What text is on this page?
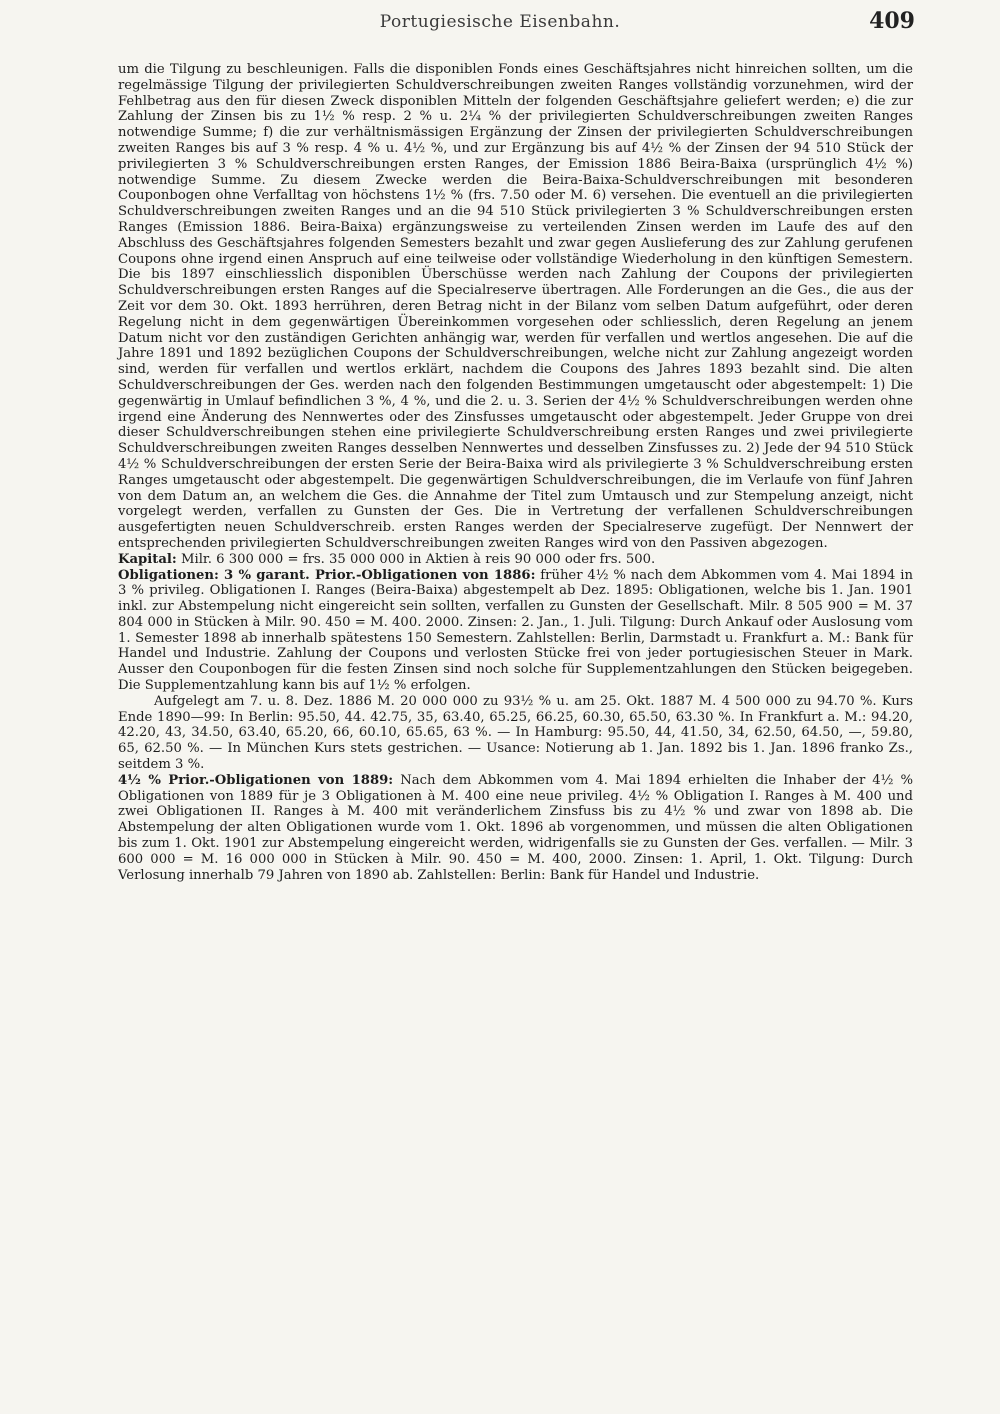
Portugiesische Eisenbahn.	409

um die Tilgung zu beschleunigen. Falls die disponiblen Fonds eines Geschäftsjahres nicht hinreichen sollten, um die regelmässige Tilgung der privilegierten Schuldverschreibungen zweiten Ranges vollständig vorzunehmen, wird der Fehlbetrag aus den für diesen Zweck disponiblen Mitteln der folgenden Geschäftsjahre geliefert werden; e) die zur Zahlung der Zinsen bis zu 1½ % resp. 2 % u. 2¼ % der privilegierten Schuldverschreibungen zweiten Ranges notwendige Summe; f) die zur verhältnismässigen Ergänzung der Zinsen der privilegierten Schuldverschreibungen zweiten Ranges bis auf 3 % resp. 4 % u. 4½ %, und zur Ergänzung bis auf 4½ % der Zinsen der 94 510 Stück der privilegierten 3 % Schuldverschreibungen ersten Ranges, der Emission 1886 Beira-Baixa (ursprünglich 4½ %) notwendige Summe. Zu diesem Zwecke werden die Beira-Baixa-Schuldverschreibungen mit besonderen Couponbogen ohne Verfalltag von höchstens 1½ % (frs. 7.50 oder M. 6) versehen. Die eventuell an die privilegierten Schuldverschreibungen zweiten Ranges und an die 94 510 Stück privilegierten 3 % Schuldverschreibungen ersten Ranges (Emission 1886. Beira-Baixa) ergänzungsweise zu verteilenden Zinsen werden im Laufe des auf den Abschluss des Geschäftsjahres folgenden Semesters bezahlt und zwar gegen Auslieferung des zur Zahlung gerufenen Coupons ohne irgend einen Anspruch auf eine teilweise oder vollständige Wiederholung in den künftigen Semestern. Die bis 1897 einschliesslich disponiblen Überschüsse werden nach Zahlung der Coupons der privilegierten Schuldverschreibungen ersten Ranges auf die Specialreserve übertragen. Alle Forderungen an die Ges., die aus der Zeit vor dem 30. Okt. 1893 herrühren, deren Betrag nicht in der Bilanz vom selben Datum aufgeführt, oder deren Regelung nicht in dem gegenwärtigen Übereinkommen vorgesehen oder schliesslich, deren Regelung an jenem Datum nicht vor den zuständigen Gerichten anhängig war, werden für verfallen und wertlos angesehen. Die auf die Jahre 1891 und 1892 bezüglichen Coupons der Schuldverschreibungen, welche nicht zur Zahlung angezeigt worden sind, werden für verfallen und wertlos erklärt, nachdem die Coupons des Jahres 1893 bezahlt sind. Die alten Schuldverschreibungen der Ges. werden nach den folgenden Bestimmungen umgetauscht oder abgestempelt: 1) Die gegenwärtig in Umlauf befindlichen 3 %, 4 %, und die 2. u. 3. Serien der 4½ % Schuldverschreibungen werden ohne irgend eine Änderung des Nennwertes oder des Zinsfusses umgetauscht oder abgestempelt. Jeder Gruppe von drei dieser Schuldverschreibungen stehen eine privilegierte Schuldverschreibung ersten Ranges und zwei privilegierte Schuldverschreibungen zweiten Ranges desselben Nennwertes und desselben Zinsfusses zu. 2) Jede der 94 510 Stück 4½ % Schuldverschreibungen der ersten Serie der Beira-Baixa wird als privilegierte 3 % Schuldverschreibung ersten Ranges umgetauscht oder abgestempelt. Die gegenwärtigen Schuldverschreibungen, die im Verlaufe von fünf Jahren von dem Datum an, an welchem die Ges. die Annahme der Titel zum Umtausch und zur Stempelung anzeigt, nicht vorgelegt werden, verfallen zu Gunsten der Ges. Die in Vertretung der verfallenen Schuldverschreibungen ausgefertigten neuen Schuldverschreib. ersten Ranges werden der Specialreserve zugefügt. Der Nennwert der entsprechenden privilegierten Schuldverschreibungen zweiten Ranges wird von den Passiven abgezogen.

Kapital: Milr. 6 300 000 = frs. 35 000 000 in Aktien à reis 90 000 oder frs. 500.

Obligationen: 3 % garant. Prior.-Obligationen von 1886: früher 4½ % nach dem Abkommen vom 4. Mai 1894 in 3 % privileg. Obligationen I. Ranges (Beira-Baixa) abgestempelt ab Dez. 1895: Obligationen, welche bis 1. Jan. 1901 inkl. zur Abstempelung nicht eingereicht sein sollten, verfallen zu Gunsten der Gesellschaft. Milr. 8 505 900 = M. 37 804 000 in Stücken à Milr. 90. 450 = M. 400. 2000. Zinsen: 2. Jan., 1. Juli. Tilgung: Durch Ankauf oder Auslosung vom 1. Semester 1898 ab innerhalb spätestens 150 Semestern. Zahlstellen: Berlin, Darmstadt u. Frankfurt a. M.: Bank für Handel und Industrie. Zahlung der Coupons und verlosten Stücke frei von jeder portugiesischen Steuer in Mark. Ausser den Couponbogen für die festen Zinsen sind noch solche für Supplementzahlungen den Stücken beigegeben. Die Supplementzahlung kann bis auf 1½ % erfolgen.

Aufgelegt am 7. u. 8. Dez. 1886 M. 20 000 000 zu 93½ % u. am 25. Okt. 1887 M. 4 500 000 zu 94.70 %. Kurs Ende 1890—99: In Berlin: 95.50, 44. 42.75, 35, 63.40, 65.25, 66.25, 60.30, 65.50, 63.30 %. In Frankfurt a. M.: 94.20, 42.20, 43, 34.50, 63.40, 65.20, 66, 60.10, 65.65, 63 %. — In Hamburg: 95.50, 44, 41.50, 34, 62.50, 64.50, —, 59.80, 65, 62.50 %. — In München Kurs stets gestrichen. — Usance: Notierung ab 1. Jan. 1892 bis 1. Jan. 1896 franko Zs., seitdem 3 %.

4½ % Prior.-Obligationen von 1889: Nach dem Abkommen vom 4. Mai 1894 erhielten die Inhaber der 4½ % Obligationen von 1889 für je 3 Obligationen à M. 400 eine neue privileg. 4½ % Obligation I. Ranges à M. 400 und zwei Obligationen II. Ranges à M. 400 mit veränderlichem Zinsfuss bis zu 4½ % und zwar von 1898 ab. Die Abstempelung der alten Obligationen wurde vom 1. Okt. 1896 ab vorgenommen, und müssen die alten Obligationen bis zum 1. Okt. 1901 zur Abstempelung eingereicht werden, widrigenfalls sie zu Gunsten der Ges. verfallen. — Milr. 3 600 000 = M. 16 000 000 in Stücken à Milr. 90. 450 = M. 400, 2000. Zinsen: 1. April, 1. Okt. Tilgung: Durch Verlosung innerhalb 79 Jahren von 1890 ab. Zahlstellen: Berlin: Bank für Handel und Industrie.
